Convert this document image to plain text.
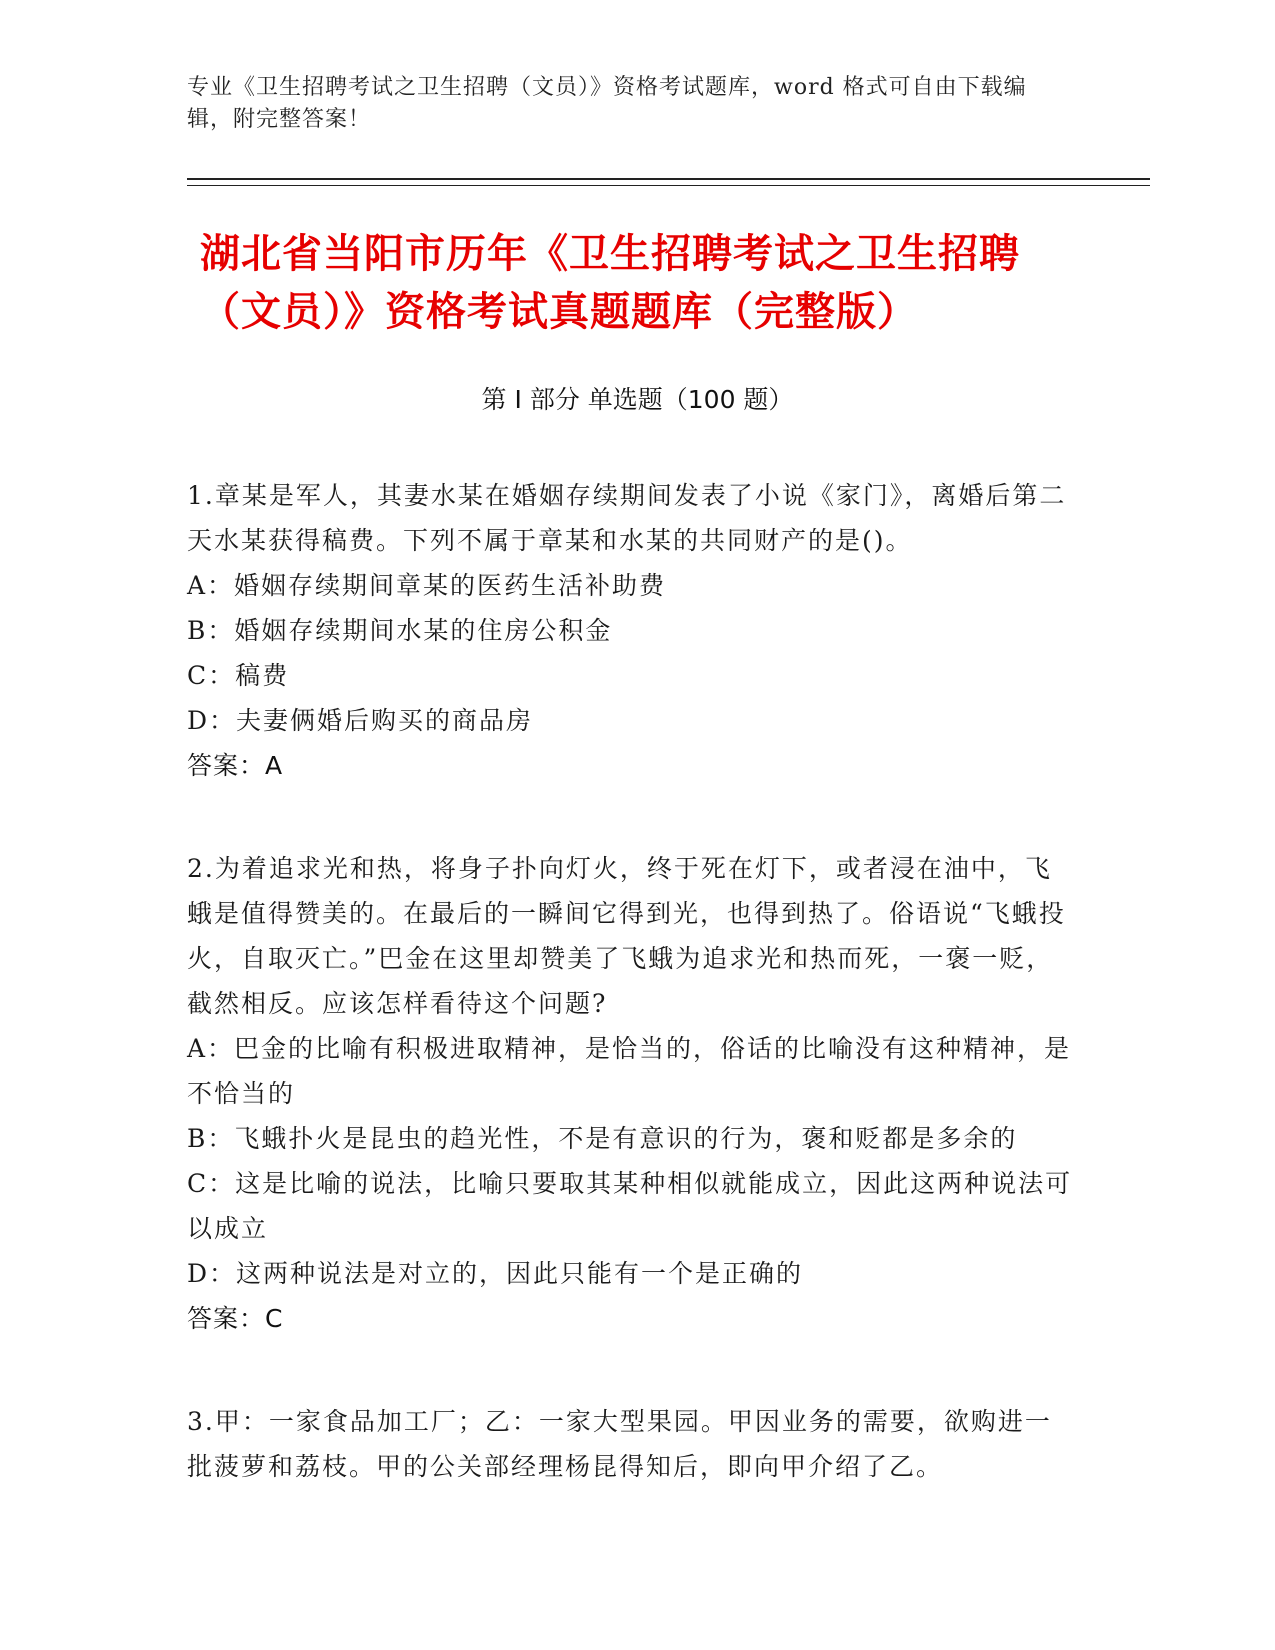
专业《卫生招聘考试之卫生招聘（文员）》资格考试题库，word 格式可自由下载编辑，附完整答案！
湖北省当阳市历年《卫生招聘考试之卫生招聘（文员）》资格考试真题题库（完整版）
第 I 部分 单选题（100 题）
1.章某是军人，其妻水某在婚姻存续期间发表了小说《家门》，离婚后第二天水某获得稿费。下列不属于章某和水某的共同财产的是()。
A：婚姻存续期间章某的医药生活补助费
B：婚姻存续期间水某的住房公积金
C：稿费
D：夫妻俩婚后购买的商品房
答案：A
2.为着追求光和热，将身子扑向灯火，终于死在灯下，或者浸在油中，飞蛾是值得赞美的。在最后的一瞬间它得到光，也得到热了。俗语说“飞蛾投火，自取灭亡。”巴金在这里却赞美了飞蛾为追求光和热而死，一褒一贬，截然相反。应该怎样看待这个问题?
A：巴金的比喻有积极进取精神，是恰当的，俗话的比喻没有这种精神，是不恰当的
B：飞蛾扑火是昆虫的趋光性，不是有意识的行为，褒和贬都是多余的
C：这是比喻的说法，比喻只要取其某种相似就能成立，因此这两种说法可以成立
D：这两种说法是对立的，因此只能有一个是正确的
答案：C
3.甲：一家食品加工厂；乙：一家大型果园。甲因业务的需要，欲购进一批菠萝和荔枝。甲的公关部经理杨昆得知后，即向甲介绍了乙。
